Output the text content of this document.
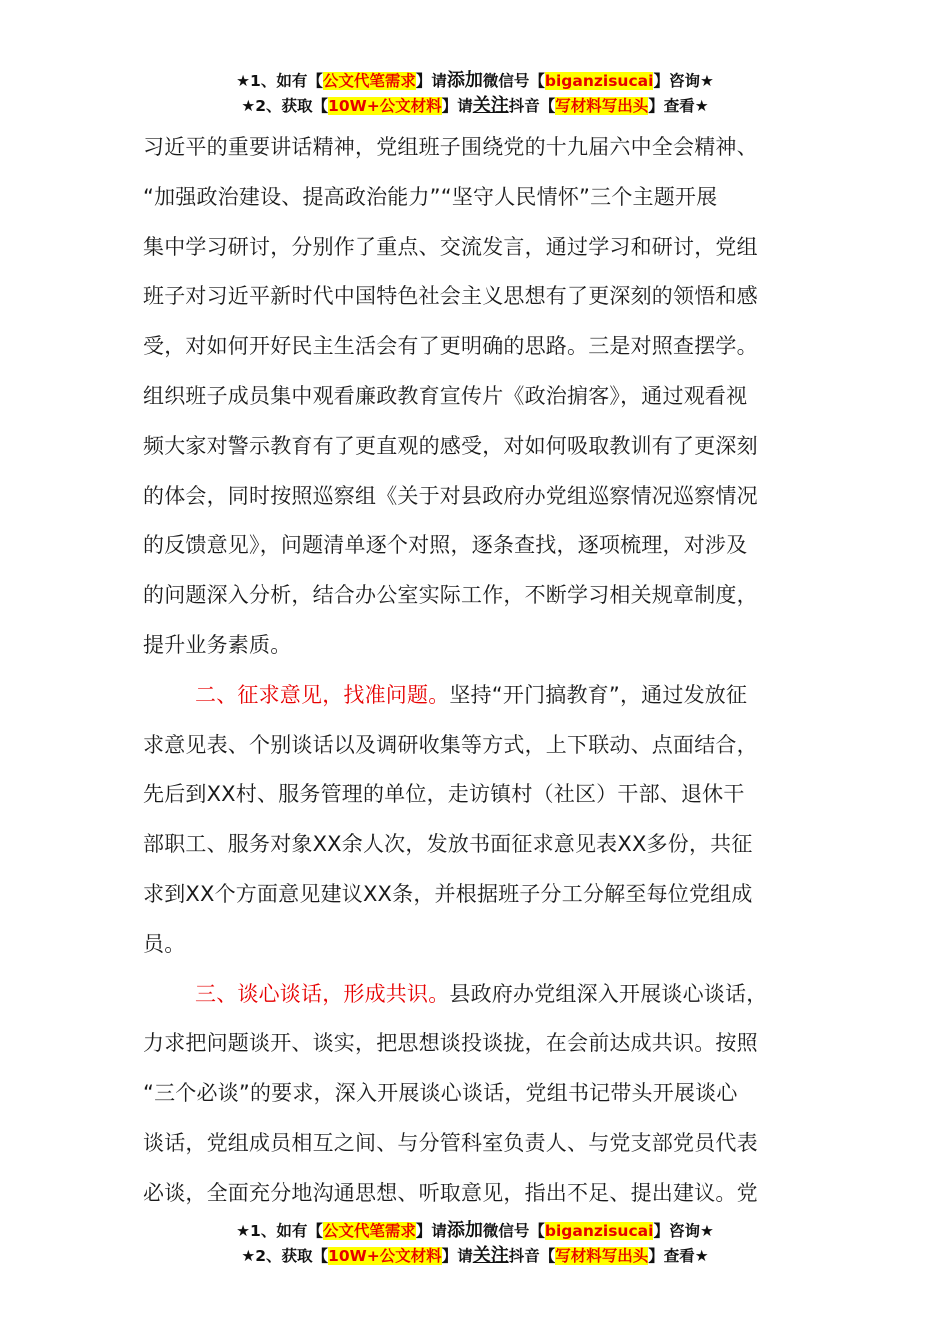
★1、如有【公文代笔需求】请添加微信号【biganzisucai】咨询★
★2、获取【10W+公文材料】请关注抖音【写材料写出头】查看★
习近平的重要讲话精神，党组班子围绕党的十九届六中全会精神、
“加强政治建设、提高政治能力”“坚守人民情怀”三个主题开展
集中学习研讨，分别作了重点、交流发言，通过学习和研讨，党组
班子对习近平新时代中国特色社会主义思想有了更深刻的领悟和感
受，对如何开好民主生活会有了更明确的思路。三是对照查摆学。
组织班子成员集中观看廉政教育宣传片《政治掮客》，通过观看视
频大家对警示教育有了更直观的感受，对如何吸取教训有了更深刻
的体会，同时按照巡察组《关于对县政府办党组巡察情况巡察情况
的反馈意见》，问题清单逐个对照，逐条查找，逐项梳理，对涉及
的问题深入分析，结合办公室实际工作，不断学习相关规章制度，
提升业务素质。
二、征求意见，找准问题。坚持“开门搞教育”，通过发放征
求意见表、个别谈话以及调研收集等方式，上下联动、点面结合，
先后到XX村、服务管理的单位，走访镇村（社区）干部、退休干
部职工、服务对象XX余人次，发放书面征求意见表XX多份，共征
求到XX个方面意见建议XX条，并根据班子分工分解至每位党组成
员。
三、谈心谈话，形成共识。县政府办党组深入开展谈心谈话，
力求把问题谈开、谈实，把思想谈投谈拢，在会前达成共识。按照
“三个必谈”的要求，深入开展谈心谈话，党组书记带头开展谈心
谈话，党组成员相互之间、与分管科室负责人、与党支部党员代表
必谈，全面充分地沟通思想、听取意见，指出不足、提出建议。党
★1、如有【公文代笔需求】请添加微信号【biganzisucai】咨询★
★2、获取【10W+公文材料】请关注抖音【写材料写出头】查看★
